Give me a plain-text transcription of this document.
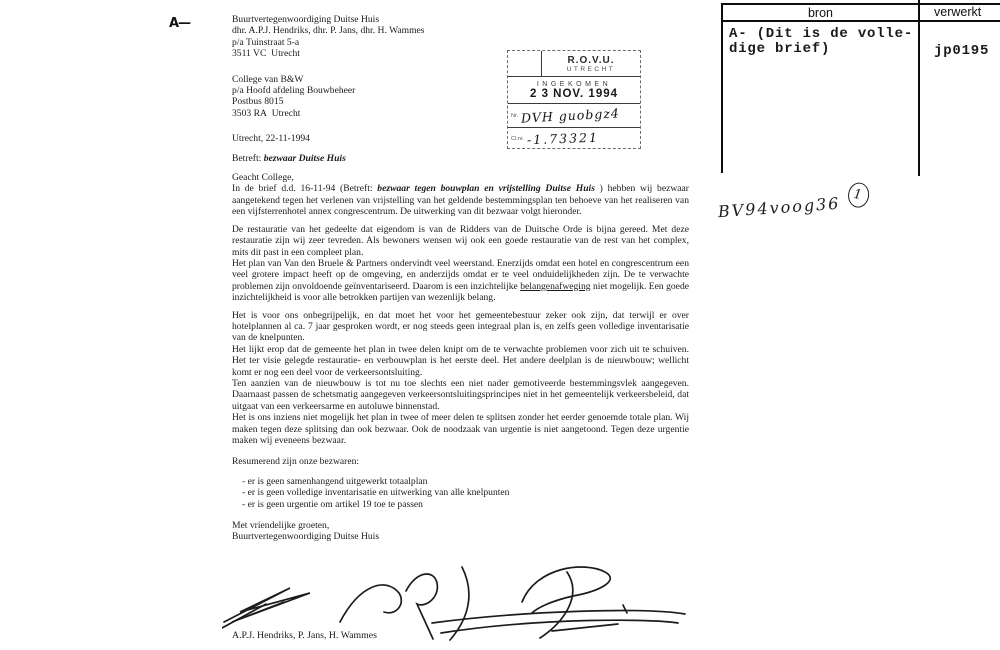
A—	Buurtvertegenwoordiging Duitse Huis
dhr. A.P.J. Hendriks, dhr. P. Jans, dhr. H. Wammes
p/a Tuinstraat 5-a
3511 VC  Utrecht
College van B&W
p/a Hoofd afdeling Bouwbeheer
Postbus 8015
3503 RA  Utrecht
Utrecht, 22-11-1994
Betreft: bezwaar Duitse Huis
Geacht College,

In de brief d.d. 16-11-94 (Betreft: bezwaar tegen bouwplan en vrijstelling Duitse Huis ) hebben wij bezwaar aangetekend tegen het verlenen van vrijstelling van het geldende bestemmingsplan ten behoeve van het realiseren van een vijfsterrenhotel annex congrescentrum. De uitwerking van dit bezwaar volgt hieronder.

De restauratie van het gedeelte dat eigendom is van de Ridders van de Duitsche Orde is bijna gereed. Met deze restauratie zijn wij zeer tevreden. Als bewoners wensen wij ook een goede restauratie van de rest van het complex, mits dit past in een compleet plan.

Het plan van Van den Bruele & Partners ondervindt veel weerstand. Enerzijds omdat een hotel en congrescentrum een veel grotere impact heeft op de omgeving, en anderzijds omdat er te veel onduidelijkheden zijn. De te verwachte problemen zijn onvoldoende geïnventariseerd. Daarom is een inzichtelijke belangenafweging niet mogelijk. Een goede inzichtelijkheid is voor alle betrokken partijen van wezenlijk belang.

Het is voor ons onbegrijpelijk, en dat moet het voor het gemeentebestuur zeker ook zijn, dat terwijl er over hotelplannen al ca. 7 jaar gesproken wordt, er nog steeds geen integraal plan is, en zelfs geen volledige inventarisatie van de knelpunten.

Het lijkt erop dat de gemeente het plan in twee delen knipt om de te verwachte problemen voor zich uit te schuiven. Het ter visie gelegde restauratie- en verbouwplan is het eerste deel. Het andere deelplan is de nieuwbouw; wellicht komt er nog een deel voor de verkeersontsluiting.

Ten aanzien van de nieuwbouw is tot nu toe slechts een niet nader gemotiveerde bestemmingsvlek aangegeven. Daarnaast passen de schetsmatig aangegeven verkeersontsluitingsprincipes niet in het gemeentelijk verkeersbeleid, dat uitgaat van een verkeersarme en autoluwe binnenstad.

Het is ons inziens niet mogelijk het plan in twee of meer delen te splitsen zonder het eerder genoemde totale plan. Wij maken tegen deze splitsing dan ook bezwaar. Ook de noodzaak van urgentie is niet aangetoond. Tegen deze urgentie maken wij eveneens bezwaar.

Resumerend zijn onze bezwaren:
- er is geen samenhangend uitgewerkt totaalplan
- er is geen volledige inventarisatie en uitwerking van alle knelpunten
- er is geen urgentie om artikel 19 toe te passen
Met vriendelijke groeten,
Buurtvertegenwoordiging Duitse Huis
A.P.J. Hendriks, P. Jans, H. Wammes
R.O.V.U.
UTRECHT
INGEKOMEN
2 3 NOV. 1994
Nr. DVH guobgz4
Cl.nr. -1.73321
bron	verwerkt
A- (Dit is de volle-
dige brief)	jp0195
BV94voog36 1
